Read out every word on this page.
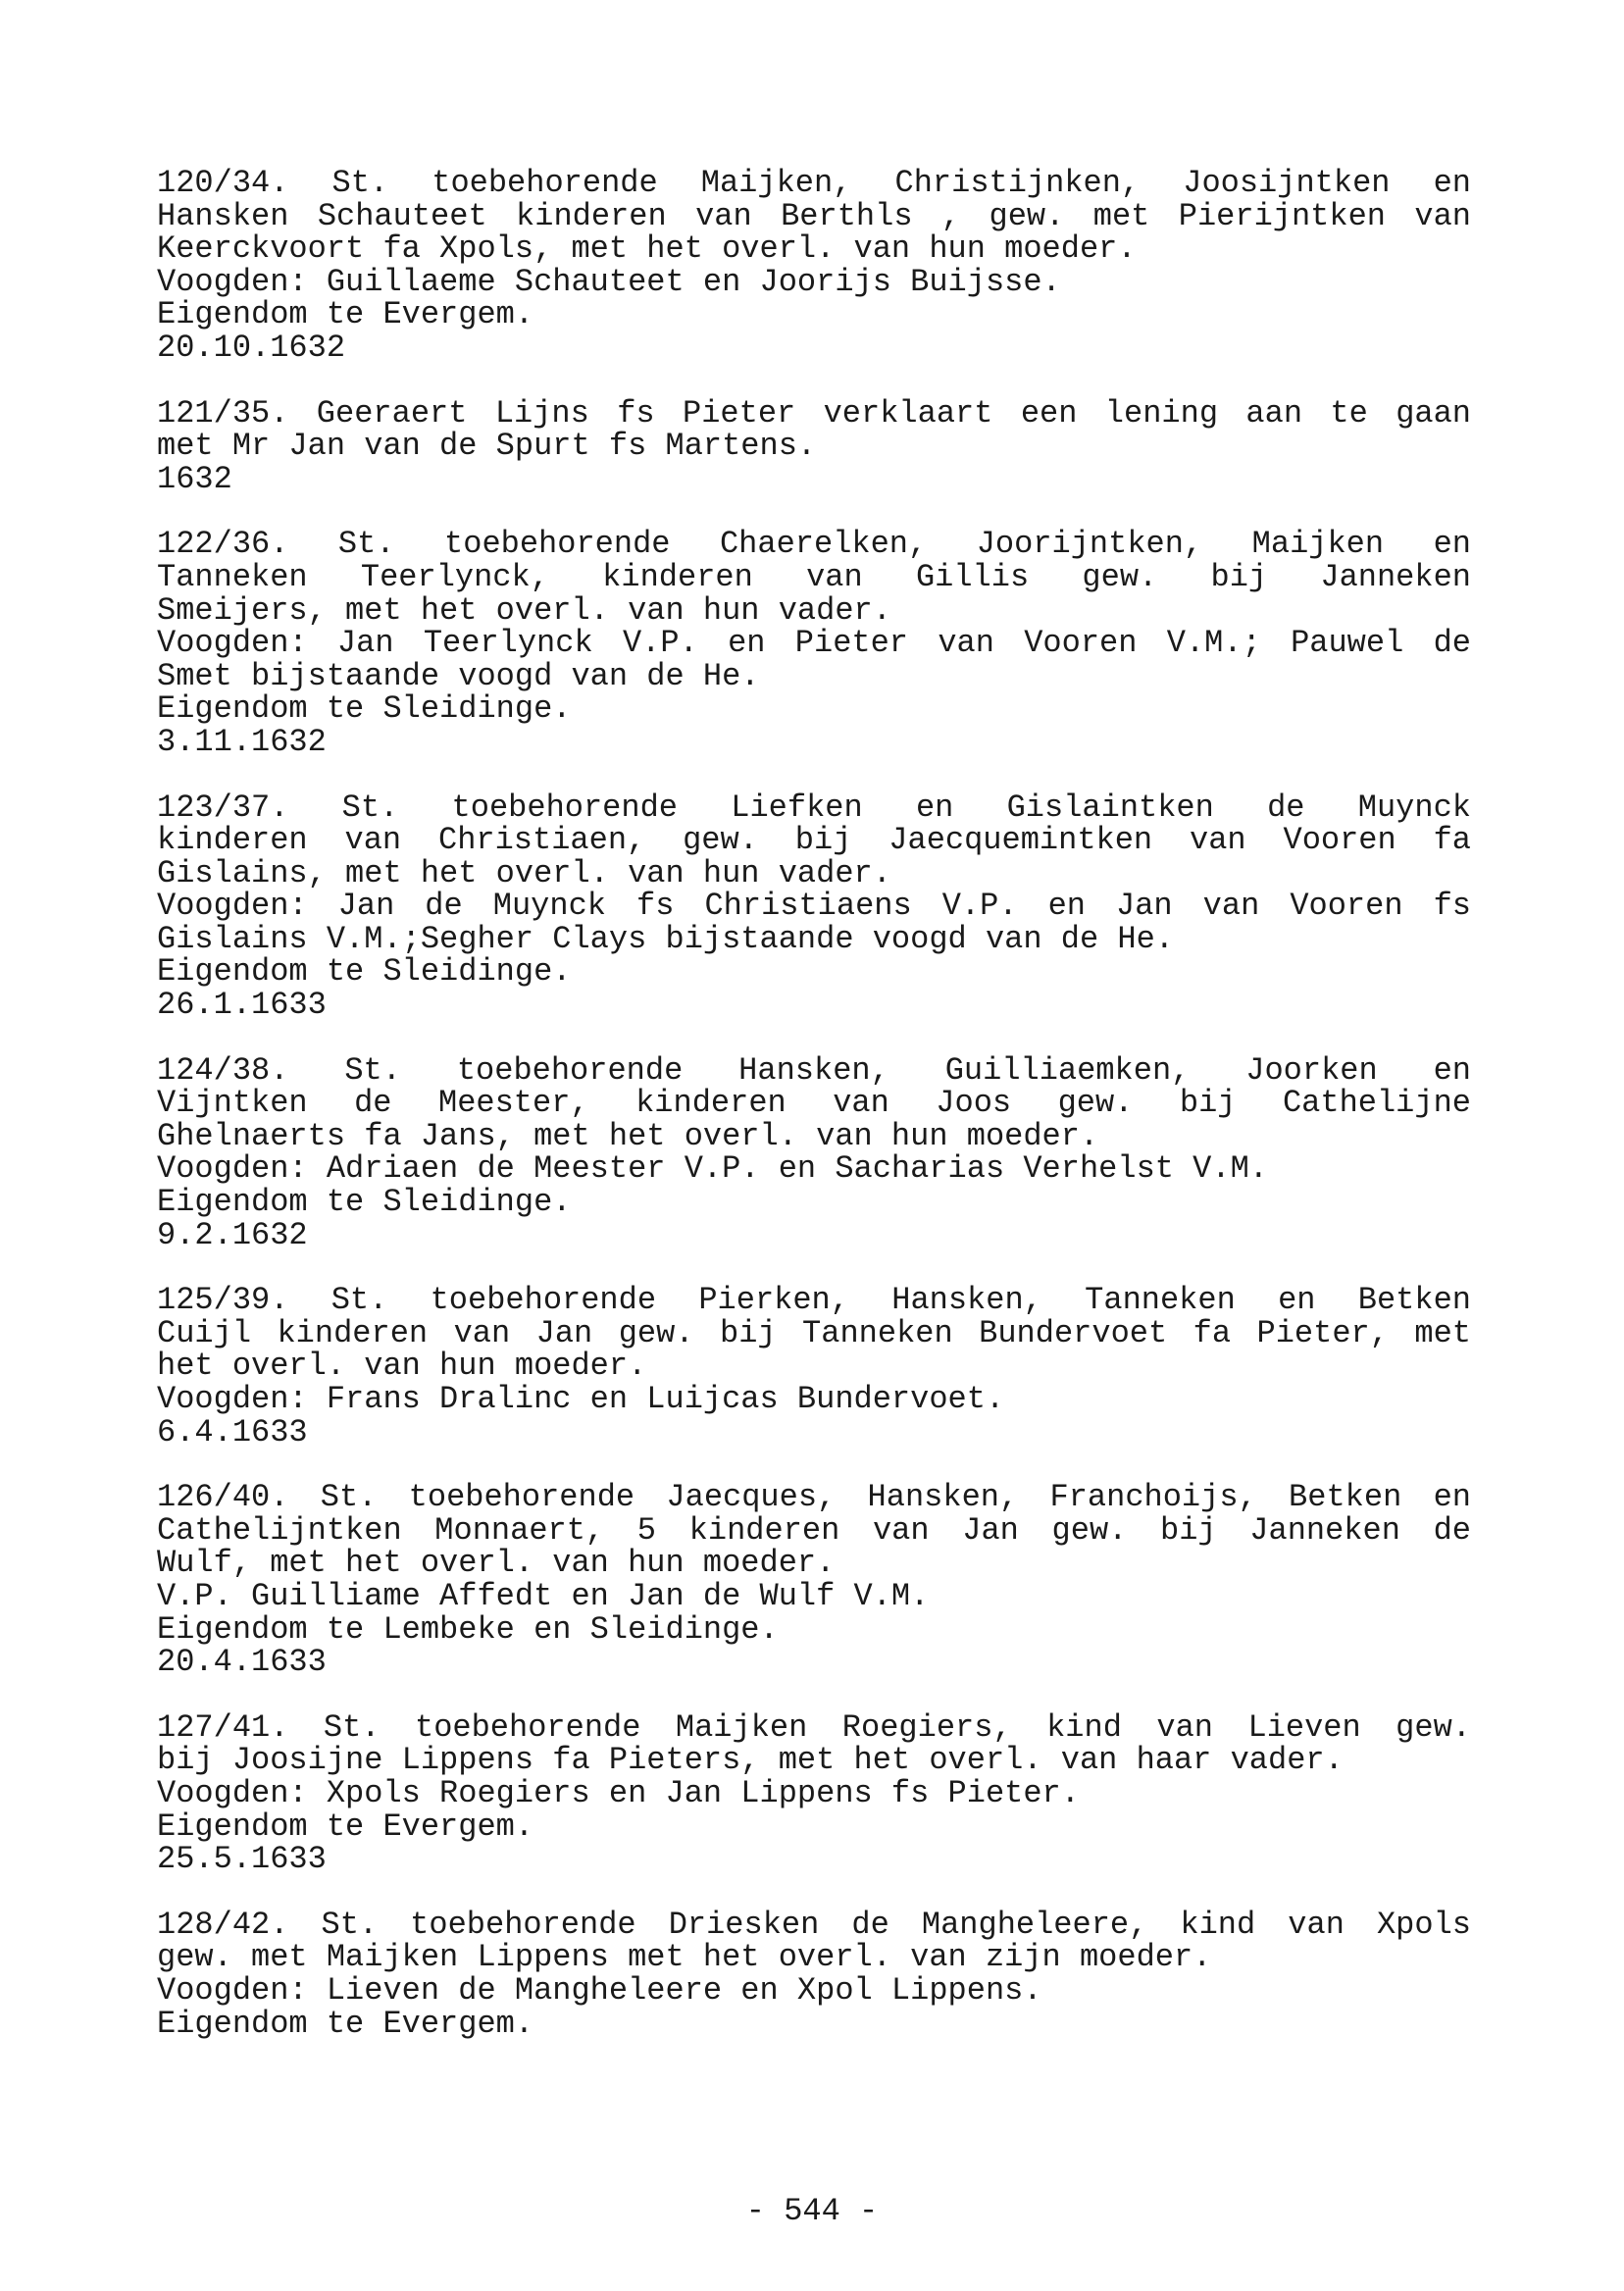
120/34. St. toebehorende Maijken, Christijnken, Joosijntken en
Hansken Schauteet kinderen van Berthls , gew. met Pierijntken van
Keerckvoort fa Xpols, met het overl. van hun moeder.
Voogden: Guillaeme Schauteet en Joorijs Buijsse.
Eigendom te Evergem.
20.10.1632
121/35. Geeraert Lijns fs Pieter verklaart een lening aan te gaan
met Mr Jan van de Spurt fs Martens.
1632
122/36. St. toebehorende Chaerelken, Joorijntken, Maijken en
Tanneken Teerlynck, kinderen van Gillis gew. bij Janneken
Smeijers, met het overl. van hun vader.
Voogden: Jan Teerlynck V.P. en Pieter van Vooren V.M.; Pauwel de
Smet bijstaande voogd van de He.
Eigendom te Sleidinge.
3.11.1632
123/37. St. toebehorende Liefken en Gislaintken de Muynck
kinderen van Christiaen, gew. bij Jaecquemintken van Vooren fa
Gislains, met het overl. van hun vader.
Voogden: Jan de Muynck fs Christiaens V.P. en Jan van Vooren fs
Gislains V.M.;Segher Clays bijstaande voogd van de He.
Eigendom te Sleidinge.
26.1.1633
124/38. St. toebehorende Hansken, Guilliaemken, Joorken en
Vijntken de Meester, kinderen van Joos gew. bij Cathelijne
Ghelnaerts fa Jans, met het overl. van hun moeder.
Voogden: Adriaen de Meester V.P. en Sacharias Verhelst V.M.
Eigendom te Sleidinge.
9.2.1632
125/39. St. toebehorende Pierken, Hansken, Tanneken en Betken
Cuijl kinderen van Jan gew. bij Tanneken Bundervoet fa Pieter, met
het overl. van hun moeder.
Voogden: Frans Dralinc en Luijcas Bundervoet.
6.4.1633
126/40. St. toebehorende Jaecques, Hansken, Franchoijs, Betken en
Cathelijntken Monnaert, 5 kinderen van Jan gew. bij Janneken de
Wulf, met het overl. van hun moeder.
V.P. Guilliame Affedt en Jan de Wulf V.M.
Eigendom te Lembeke en Sleidinge.
20.4.1633
127/41. St. toebehorende Maijken Roegiers, kind van Lieven gew.
bij Joosijne Lippens fa Pieters, met het overl. van haar vader.
Voogden: Xpols Roegiers en Jan Lippens fs Pieter.
Eigendom te Evergem.
25.5.1633
128/42. St. toebehorende Driesken de Mangheleere, kind van Xpols
gew. met Maijken Lippens met het overl. van zijn moeder.
Voogden: Lieven de Mangheleere en Xpol Lippens.
Eigendom te Evergem.
- 544 -
